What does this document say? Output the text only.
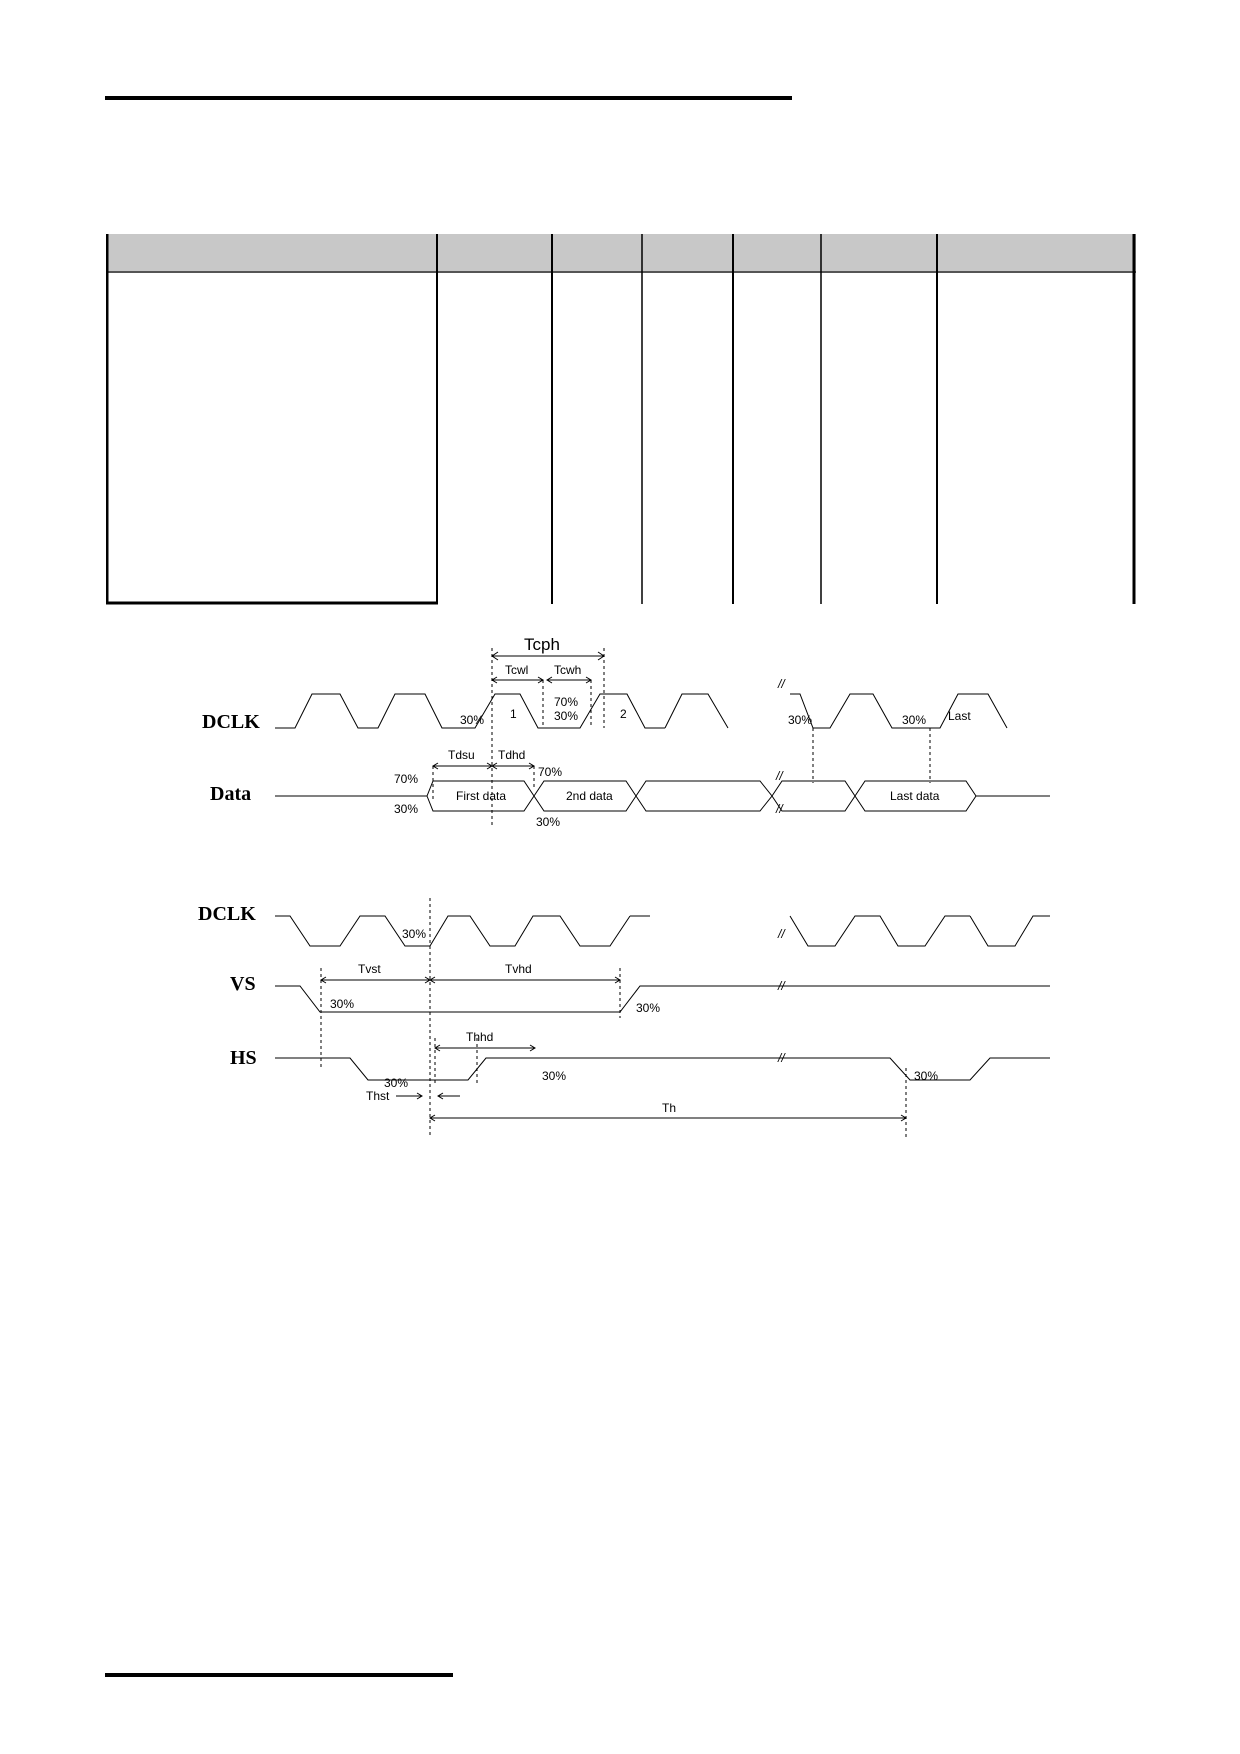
DCLK
Data
Tcph
Tcwl Tcwh
1	2	Last
30%
70%
30%	30%	30%
Tdsu Tdhd
70%
30%
70%
30%
First data	2nd data	Last data
//
//
//
DCLK
VS
HS
Tvst	Tvhd
Thhd
Thst
Th
30%
30%	30%
30%	30%	30%
//
//
//
